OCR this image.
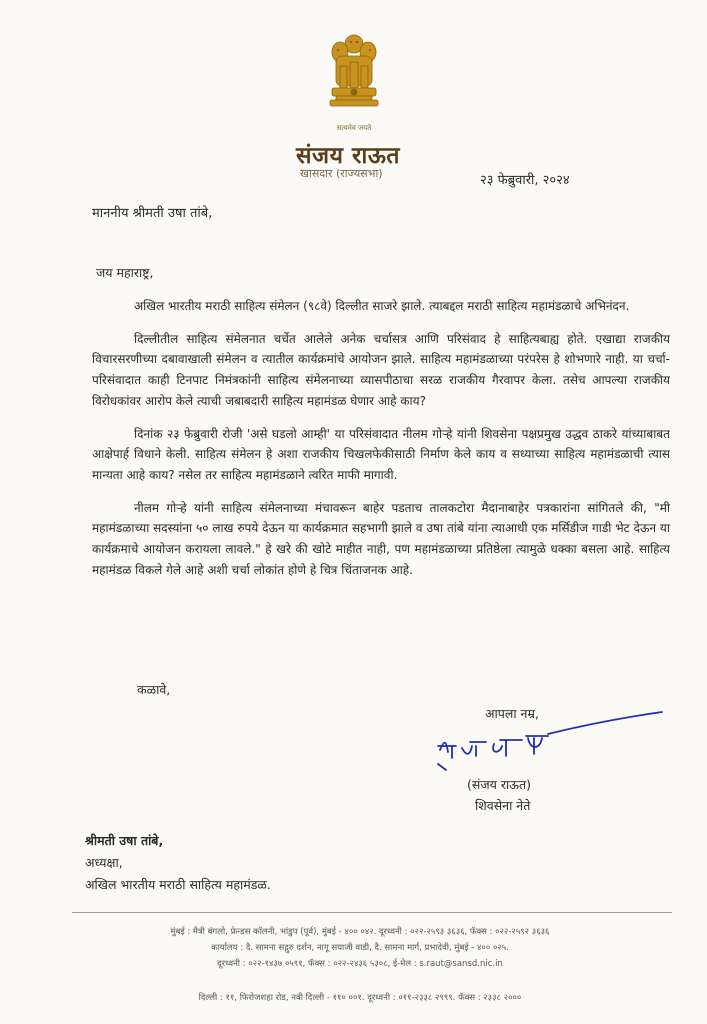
सत्यमेव जयते
संजय राऊत
खासदार (राज्यसभा)	२३ फेब्रुवारी, २०२४
माननीय श्रीमती उषा तांबे,
जय महाराष्ट्र,

अखिल भारतीय मराठी साहित्य संमेलन (९८वे) दिल्लीत साजरे झाले. त्याबद्दल मराठी साहित्य महामंडळाचे अभिनंदन.

दिल्लीतील साहित्य संमेलनात चर्चेत आलेले अनेक चर्चासत्र आणि परिसंवाद हे साहित्यबाह्य होते. एखाद्या राजकीय विचारसरणीच्या दबावाखाली संमेलन व त्यातील कार्यक्रमांचे आयोजन झाले. साहित्य महामंडळाच्या परंपरेस हे शोभणारे नाही. या चर्चा-परिसंवादात काही टिनपाट निमंत्रकांनी साहित्य संमेलनाच्या व्यासपीठाचा सरळ राजकीय गैरवापर केला. तसेच आपल्या राजकीय विरोधकांवर आरोप केले त्याची जबाबदारी साहित्य महामंडळ घेणार आहे काय?

दिनांक २३ फेब्रुवारी रोजी 'असे घडलो आम्ही' या परिसंवादात नीलम गोऱ्हे यांनी शिवसेना पक्षप्रमुख उद्धव ठाकरे यांच्याबाबत आक्षेपार्ह विधाने केली. साहित्य संमेलन हे अशा राजकीय चिखलफेकीसाठी निर्माण केले काय व सध्याच्या साहित्य महामंडळाची त्यास मान्यता आहे काय? नसेल तर साहित्य महामंडळाने त्वरित माफी मागावी.

नीलम गोऱ्हे यांनी साहित्य संमेलनाच्या मंचावरून बाहेर पडताच तालकटोरा मैदानाबाहेर पत्रकारांना सांगितले की, "मी महामंडळाच्या सदस्यांना ५० लाख रुपये देऊन या कार्यक्रमात सहभागी झाले व उषा तांबे यांना त्याआधी एक मर्सिडीज गाडी भेट देऊन या कार्यक्रमाचे आयोजन करायला लावले." हे खरे की खोटे माहीत नाही, पण महामंडळाच्या प्रतिष्ठेला त्यामुळे धक्का बसला आहे. साहित्य महामंडळ विकले गेले आहे अशी चर्चा लोकांत होणे हे चित्र चिंताजनक आहे.

कळावे,
आपला नम्र,
(संजय राऊत)
शिवसेना नेते
श्रीमती उषा तांबे,
अध्यक्षा,
अखिल भारतीय मराठी साहित्य महामंडळ.
मुंबई : मैत्री बंगलो, फ्रेन्डस कॉलनी, भांडुप (पूर्व), मुंबई - ४०० ०४२. दूरध्वनी : ०२२-२५९३ ३६३६, फॅक्स : ०२२-२५९२ ३६३६
कार्यालय : दै. सामना सद्गुरु दर्शन, नागू सयाजी वाडी, दै. सामना मार्ग, प्रभादेवी, मुंबई - ४०० ०२५.
दूरध्वनी : ०२२-१४३७ ०५९१, फॅक्स : ०२२-२४३६ ५३०८, ई-मेल : s.raut@sansd.nic.in
दिल्ली : ११, फिरोजशहा रोड, नवी दिल्ली - ११० ००१. दूरध्वनी : ०११-२३३८ २९९९. फॅक्स : २३३८ २०००
